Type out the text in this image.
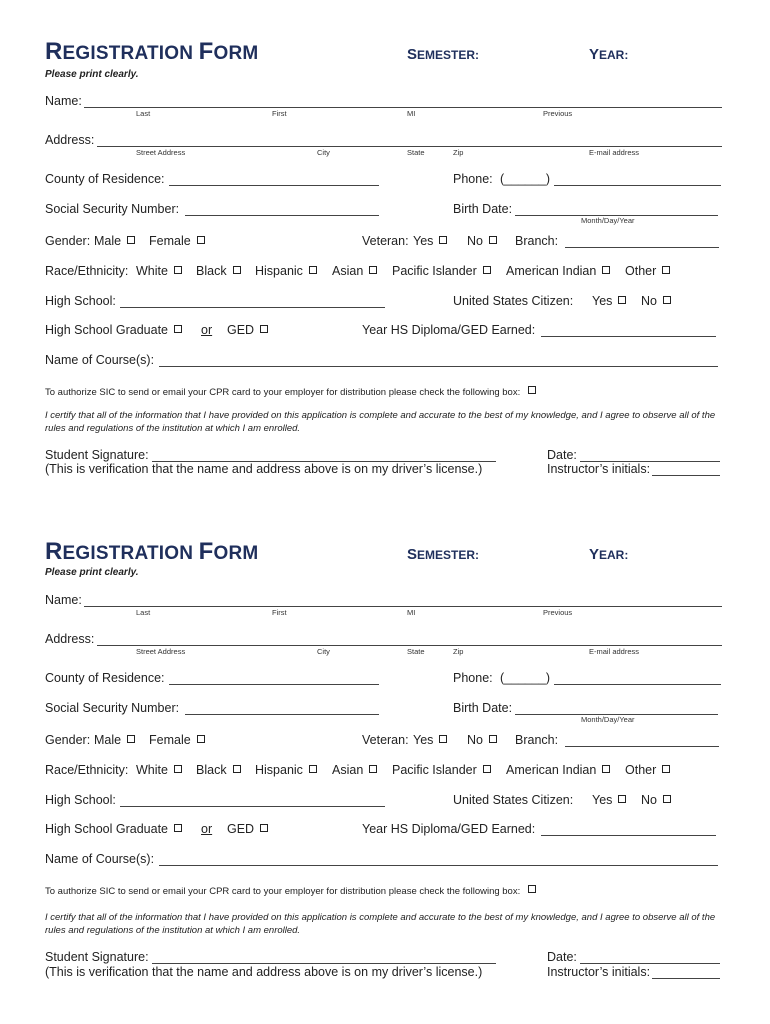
REGISTRATION FORM	SEMESTER:	YEAR:
Please print clearly.
Name:
Last	First	MI	Previous
Address:
Street Address	City	State	Zip	E-mail address
County of Residence:	Phone: (______)
Social Security Number:	Birth Date:
Month/Day/Year
Gender: Male	Female	Veteran: Yes	No	Branch:
Race/Ethnicity: White	Black	Hispanic	Asian	Pacific Islander	American Indian	Other
High School:	United States Citizen: Yes	No
High School Graduate	or GED	Year HS Diploma/GED Earned:
Name of Course(s):
To authorize SIC to send or email your CPR card to your employer for distribution please check the following box:
I certify that all of the information that I have provided on this application is complete and accurate to the best of my knowledge, and I agree to observe all of the rules and regulations of the institution at which I am enrolled.
Student Signature:
(This is verification that the name and address above is on my driver’s license.)
Date:
Instructor’s initials:
REGISTRATION FORM	SEMESTER:	YEAR:
Please print clearly.
Name:
Last	First	MI	Previous
Address:
Street Address	City	State	Zip	E-mail address
County of Residence:	Phone: (______)
Social Security Number:	Birth Date:
Month/Day/Year
Gender: Male	Female	Veteran: Yes	No	Branch:
Race/Ethnicity: White	Black	Hispanic	Asian	Pacific Islander	American Indian	Other
High School:	United States Citizen: Yes	No
High School Graduate	or GED	Year HS Diploma/GED Earned:
Name of Course(s):
To authorize SIC to send or email your CPR card to your employer for distribution please check the following box:
I certify that all of the information that I have provided on this application is complete and accurate to the best of my knowledge, and I agree to observe all of the rules and regulations of the institution at which I am enrolled.
Student Signature:
(This is verification that the name and address above is on my driver’s license.)
Date:
Instructor’s initials:
